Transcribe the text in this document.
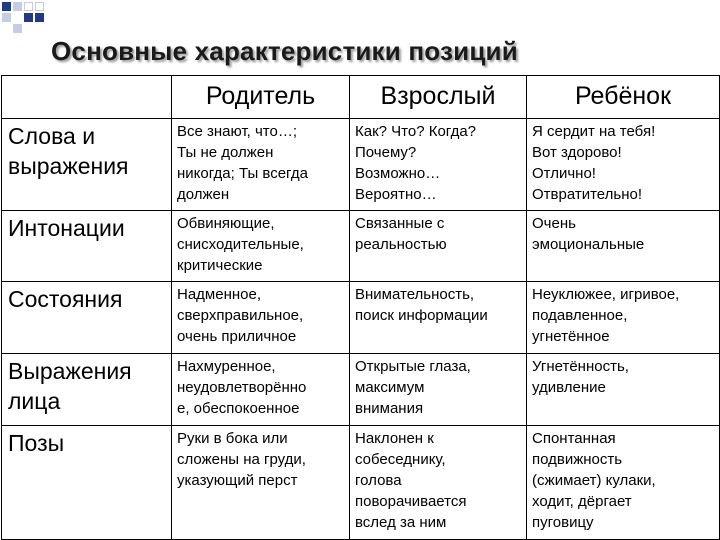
Основные характеристики позиций
	Родитель	Взрослый	Ребёнок
Слова и
выражения	Все знают, что…;
Ты не должен
никогда; Ты всегда
должен	Как? Что? Когда?
Почему?
Возможно…
Вероятно…	Я сердит на тебя!
Вот здорово!
Отлично!
Отвратительно!
Интонации	Обвиняющие,
снисходительные,
критические	Связанные с
реальностью	Очень
эмоциональные
Состояния	Надменное,
сверхправильное,
очень приличное	Внимательность,
поиск информации	Неуклюжее, игривое,
подавленное,
угнетённое
Выражения
лица	Нахмуренное,
неудовлетворённо
е, обеспокоенное	Открытые глаза,
максимум
внимания	Угнетённость,
удивление
Позы	Руки в бока или
сложены на груди,
указующий перст	Наклонен к
собеседнику,
голова
поворачивается
вслед за ним	Спонтанная
подвижность
(сжимает) кулаки,
ходит, дёргает
пуговицу
